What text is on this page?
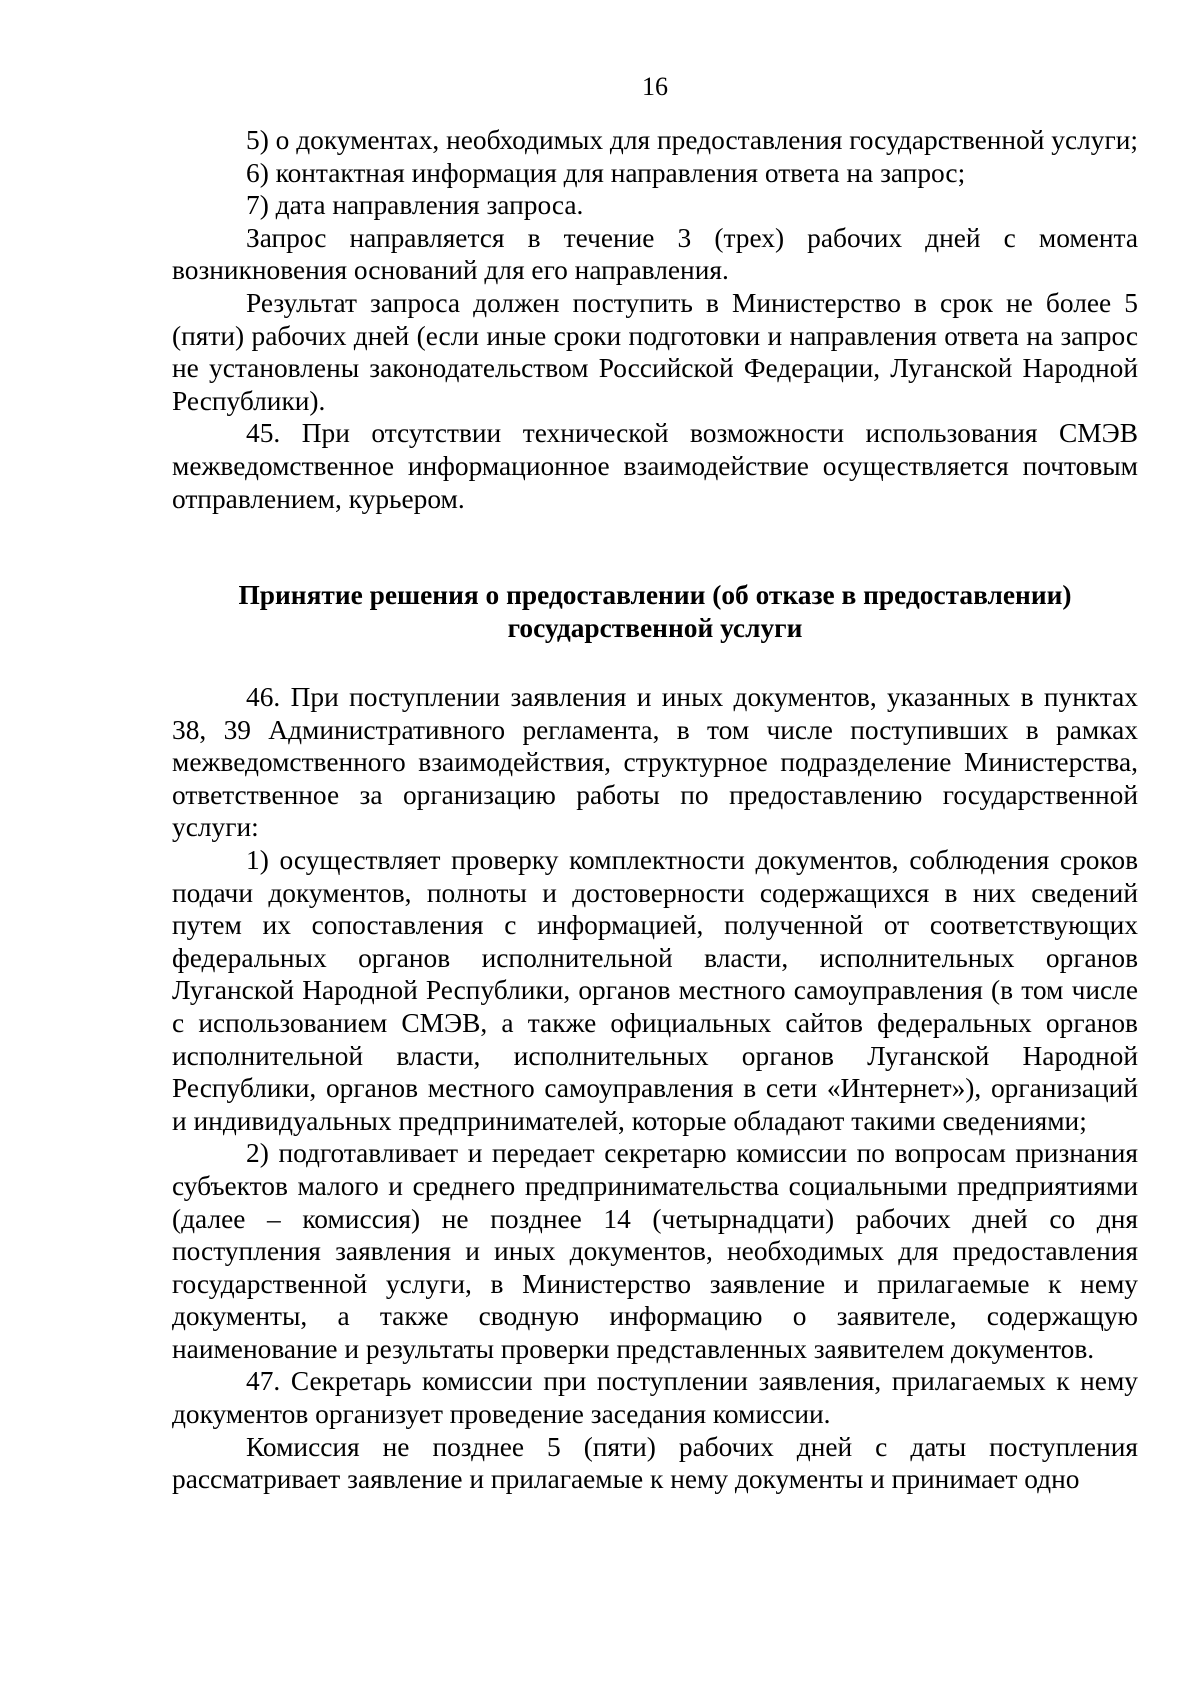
16

5) о документах, необходимых для предоставления государственной услуги;

6) контактная информация для направления ответа на запрос;

7) дата направления запроса.

Запрос направляется в течение 3 (трех) рабочих дней с момента возникновения оснований для его направления.

Результат запроса должен поступить в Министерство в срок не более 5 (пяти) рабочих дней (если иные сроки подготовки и направления ответа на запрос не установлены законодательством Российской Федерации, Луганской Народной Республики).

45. При отсутствии технической возможности использования СМЭВ межведомственное информационное взаимодействие осуществляется почтовым отправлением, курьером.

Принятие решения о предоставлении (об отказе в предоставлении)
государственной услуги

46. При поступлении заявления и иных документов, указанных в пунктах 38, 39 Административного регламента, в том числе поступивших в рамках межведомственного взаимодействия, структурное подразделение Министерства, ответственное за организацию работы по предоставлению государственной услуги:

1) осуществляет проверку комплектности документов, соблюдения сроков подачи документов, полноты и достоверности содержащихся в них сведений путем их сопоставления с информацией, полученной от соответствующих федеральных органов исполнительной власти, исполнительных органов Луганской Народной Республики, органов местного самоуправления (в том числе с использованием СМЭВ, а также официальных сайтов федеральных органов исполнительной власти, исполнительных органов Луганской Народной Республики, органов местного самоуправления в сети «Интернет»), организаций и индивидуальных предпринимателей, которые обладают такими сведениями;

2) подготавливает и передает секретарю комиссии по вопросам признания субъектов малого и среднего предпринимательства социальными предприятиями (далее – комиссия) не позднее 14 (четырнадцати) рабочих дней со дня поступления заявления и иных документов, необходимых для предоставления государственной услуги, в Министерство заявление и прилагаемые к нему документы, а также сводную информацию о заявителе, содержащую наименование и результаты проверки представленных заявителем документов.

47. Секретарь комиссии при поступлении заявления, прилагаемых к нему документов организует проведение заседания комиссии.

Комиссия не позднее 5 (пяти) рабочих дней с даты поступления рассматривает заявление и прилагаемые к нему документы и принимает одно
